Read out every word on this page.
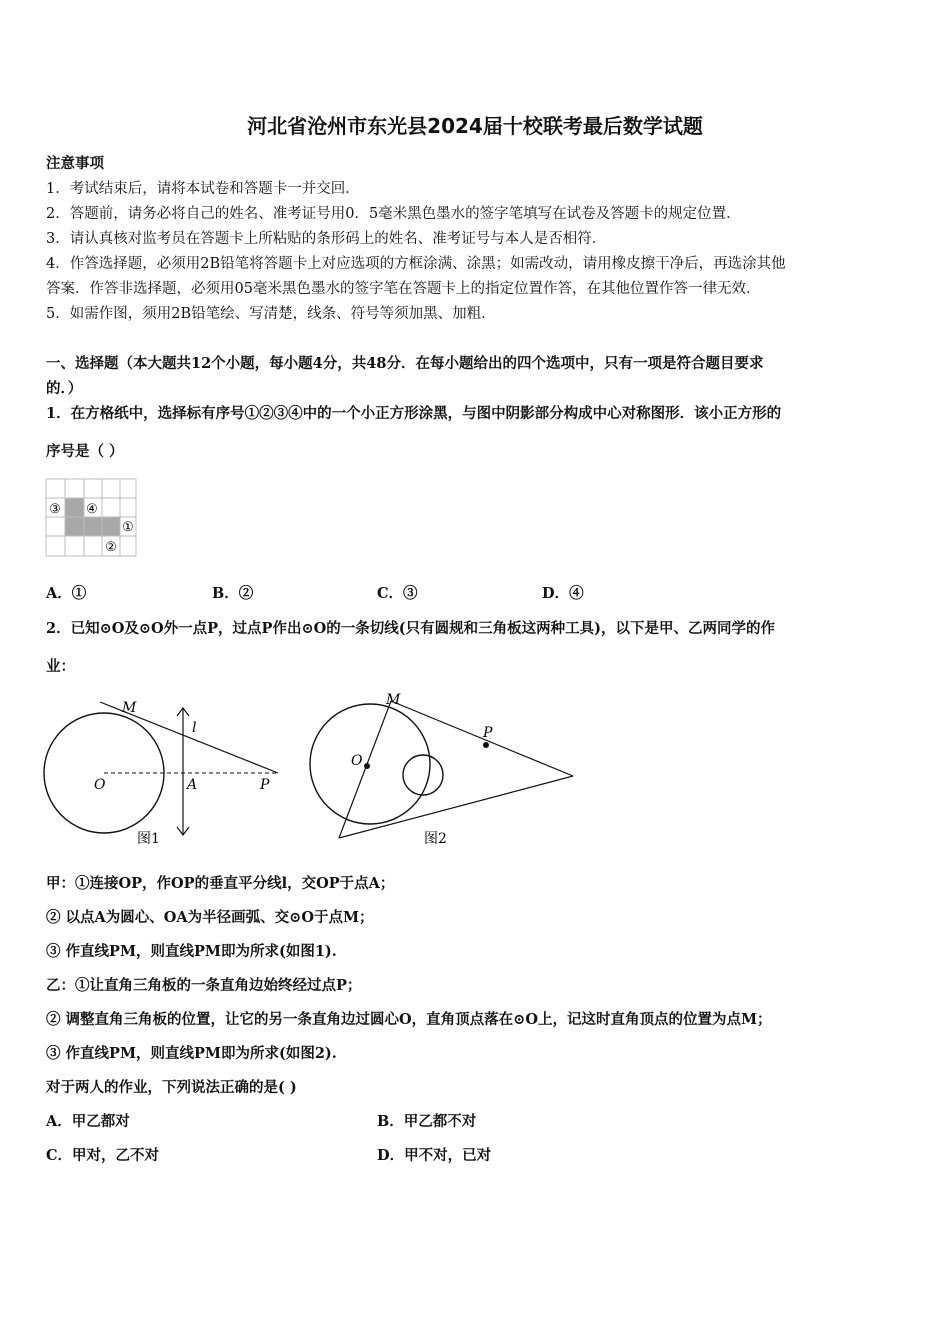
河北省沧州市东光县2024届十校联考最后数学试题
注意事项
1．考试结束后，请将本试卷和答题卡一并交回．
2．答题前，请务必将自己的姓名、准考证号用0．5毫米黑色墨水的签字笔填写在试卷及答题卡的规定位置．
3．请认真核对监考员在答题卡上所粘贴的条形码上的姓名、准考证号与本人是否相符．
4．作答选择题，必须用2B铅笔将答题卡上对应选项的方框涂满、涂黑；如需改动，请用橡皮擦干净后，再选涂其他
答案．作答非选择题，必须用05毫米黑色墨水的签字笔在答题卡上的指定位置作答，在其他位置作答一律无效．
5．如需作图，须用2B铅笔绘、写清楚，线条、符号等须加黑、加粗．
一、选择题（本大题共12个小题，每小题4分，共48分．在每小题给出的四个选项中，只有一项是符合题目要求
的．）
1．在方格纸中，选择标有序号①②③④中的一个小正方形涂黑，与图中阴影部分构成中心对称图形．该小正方形的
序号是（ ）
③ ④
①
②
A．①	B．②	C．③	D．④
2．已知⊙O及⊙O外一点P，过点P作出⊙O的一条切线(只有圆规和三角板这两种工具)，以下是甲、乙两同学的作
业：
M
l
O	A	P
图1
M
O
P
图2
甲：①连接OP，作OP的垂直平分线l，交OP于点A；
② 以点A为圆心、OA为半径画弧、交⊙O于点M；
③ 作直线PM，则直线PM即为所求(如图1).
乙：①让直角三角板的一条直角边始终经过点P；
② 调整直角三角板的位置，让它的另一条直角边过圆心O，直角顶点落在⊙O上，记这时直角顶点的位置为点M；
③ 作直线PM，则直线PM即为所求(如图2).
对于两人的作业，下列说法正确的是( )
A．甲乙都对	B．甲乙都不对
C．甲对，乙不对	D．甲不对，已对
